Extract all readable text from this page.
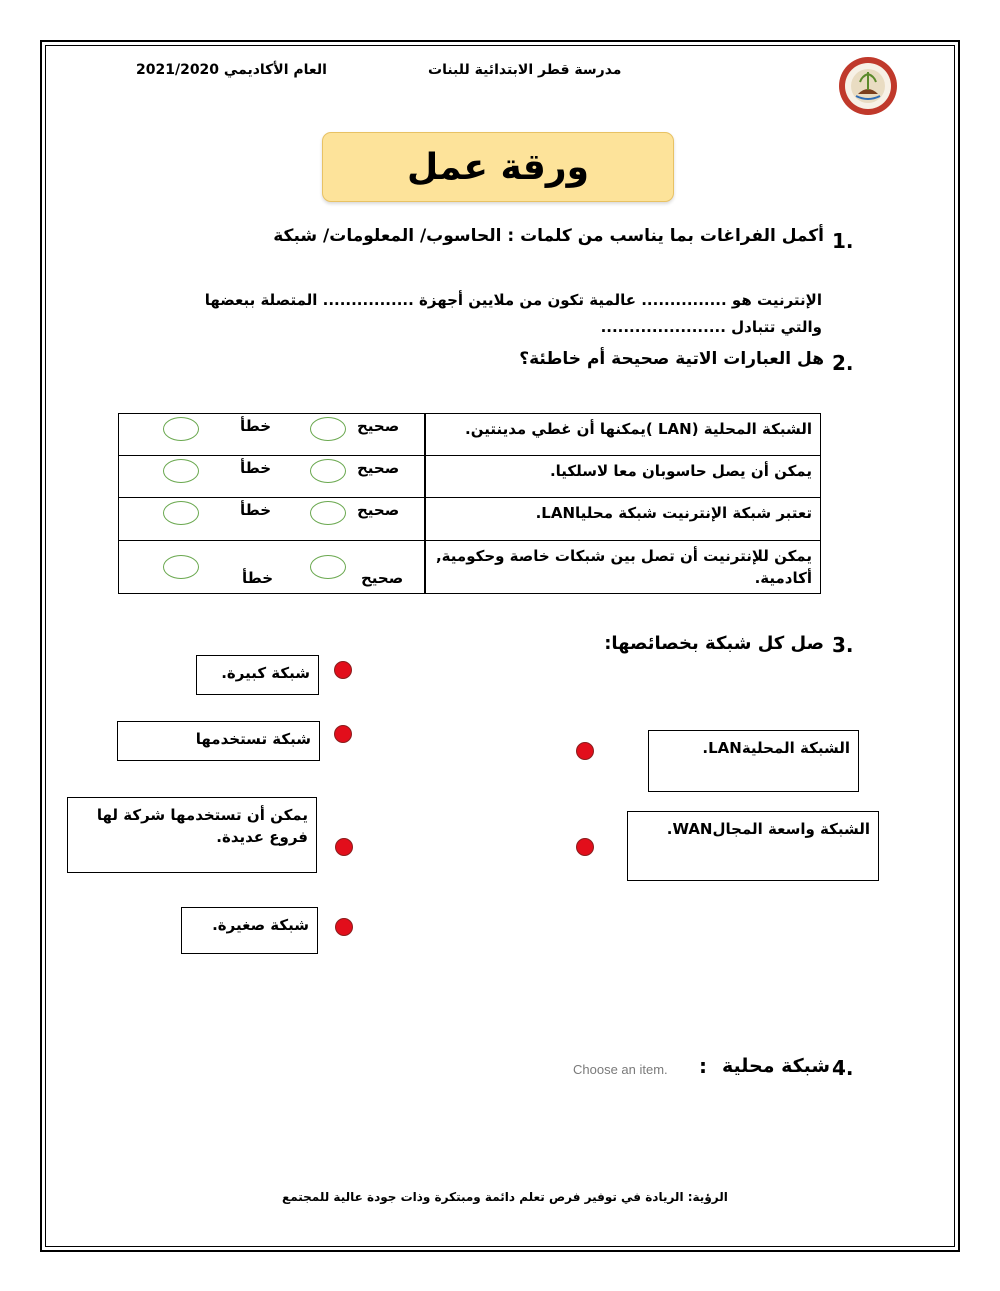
العام الأكاديمي 2021/2020	مدرسة قطر الابتدائية للبنات
ورقة عمل
1.
أكمل الفراغات بما يناسب من كلمات : الحاسوب/ المعلومات/ شبكة
الإنترنيت هو ............... عالمية تكون من ملايين أجهزة ................ المتصلة ببعضها
والتي تتبادل ......................
2.
هل العبارات الاتية صحيحة أم خاطئة؟
خطأ	صحيح	الشبكة المحلية (LAN )يمكنها أن غطي مدينتين.

خطأ	صحيح	يمكن أن يصل حاسوبان معا لاسلكيا.

خطأ	صحيح	تعتبر شبكة الإنترنيت شبكة محلياLAN.

خطأ	صحيح	يمكن للإنترنيت أن تصل بين شبكات خاصة وحكومية, أكادمية.
3.
صل كل شبكة بخصائصها:
شبكة كبيرة.
شبكة تستخدمها
يمكن أن تستخدمها شركة لها فروع عديدة.
شبكة صغيرة.
الشبكة المحليةLAN.
الشبكة واسعة المجالWAN.
4.
شبكة محلية
:
Choose an item.
الرؤية: الريادة في توفير فرص تعلم دائمة ومبتكرة وذات جودة عالية للمجتمع
